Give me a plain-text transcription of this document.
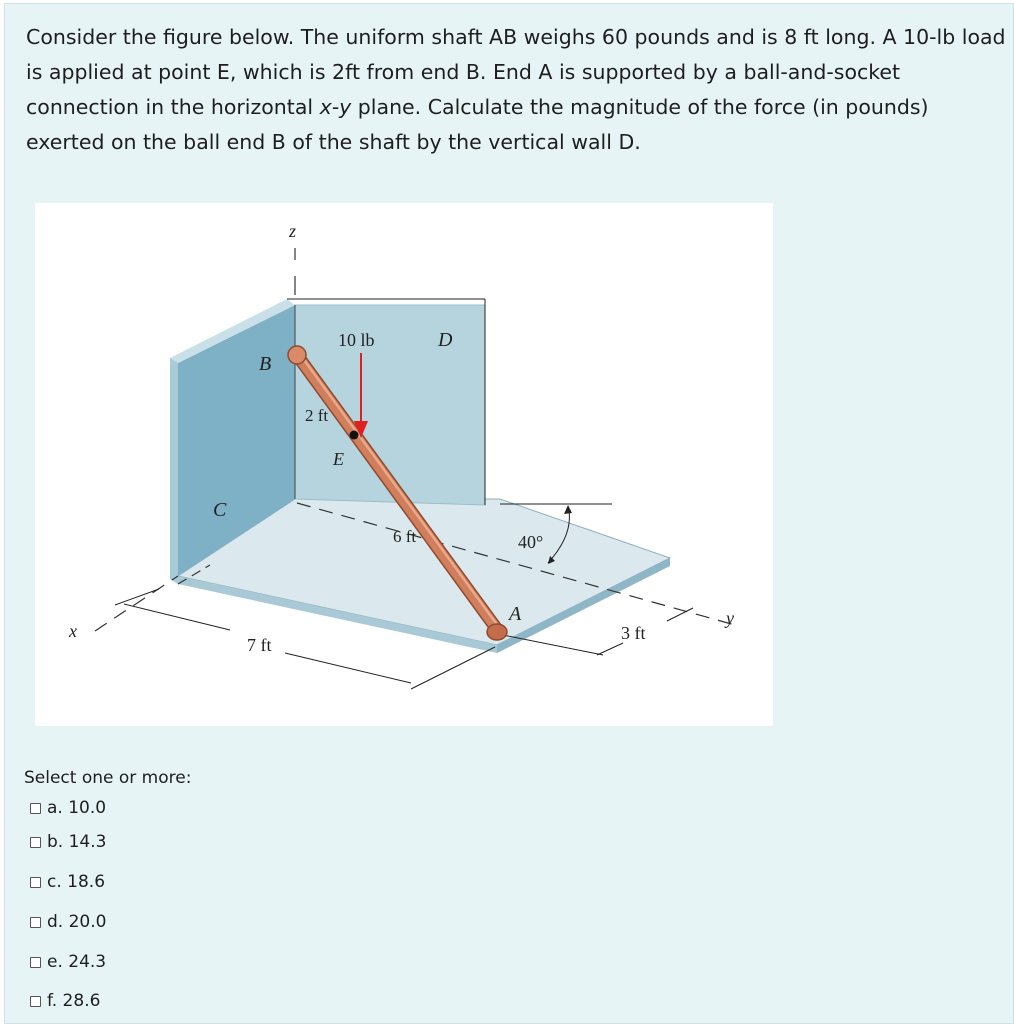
Consider the figure below. The uniform shaft AB weighs 60 pounds and is 8 ft long. A 10-lb load is applied at point E, which is 2ft from end B. End A is supported by a ball-and-socket connection in the horizontal x-y plane. Calculate the magnitude of the force (in pounds) exerted on the ball end B of the shaft by the vertical wall D.

z
x
y
40°
7 ft
3 ft
B
D
C
E
A
10 lb
2 ft
6 ft
Select one or more:
a. 10.0
b. 14.3
c. 18.6
d. 20.0
e. 24.3
f. 28.6
